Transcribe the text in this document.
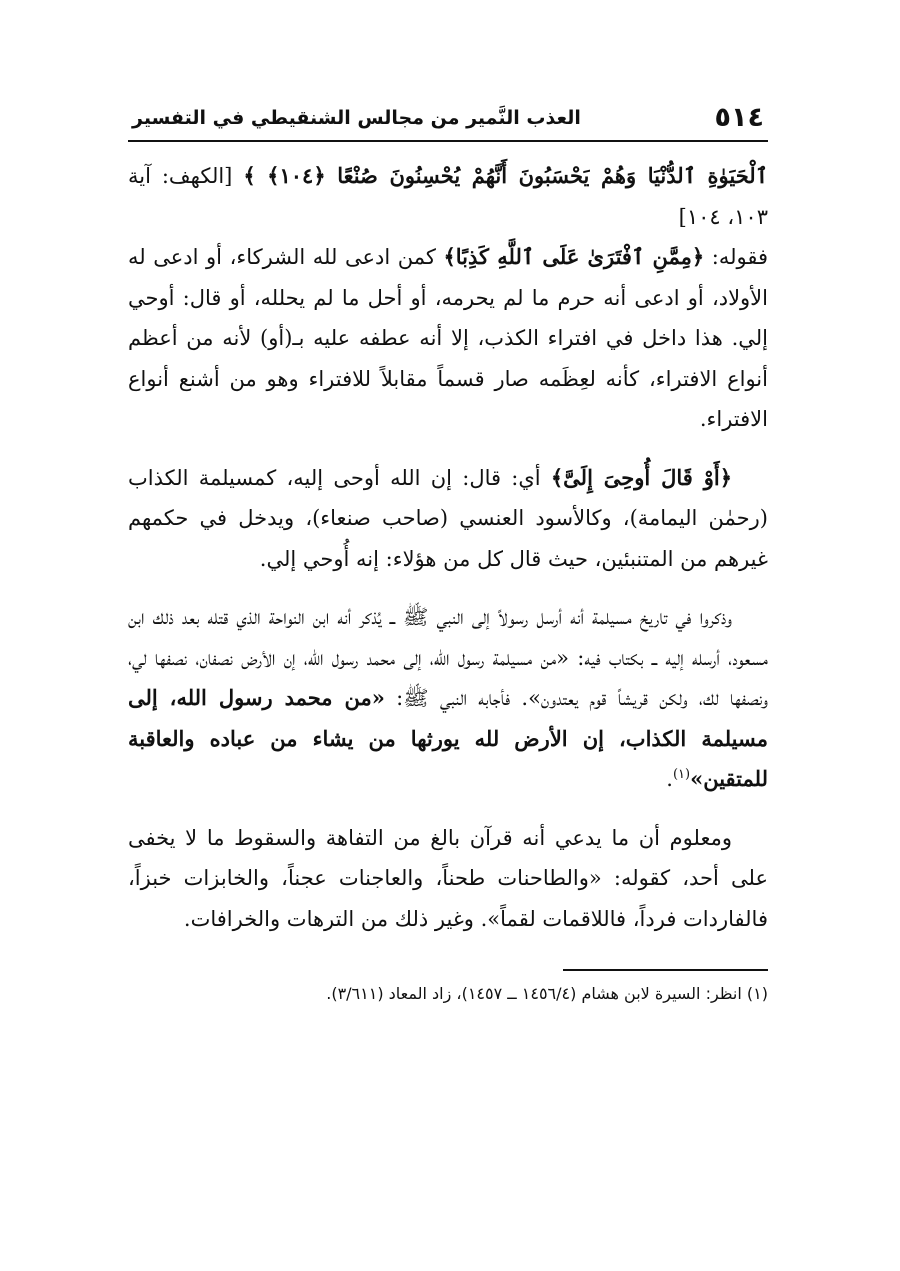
٥١٤
العذب النَّمير من مجالس الشنقيطي في التفسير

ٱلْحَيَوٰةِ ٱلدُّنْيَا وَهُمْ يَحْسَبُونَ أَنَّهُمْ يُحْسِنُونَ صُنْعًا ﴿١٠٤﴾ ﴾ [الكهف: آية ١٠٣، ١٠٤]

فقوله: ﴿مِمَّنِ ٱفْتَرَىٰ عَلَى ٱللَّهِ كَذِبًا﴾ كمن ادعى لله الشركاء، أو ادعى له الأولاد، أو ادعى أنه حرم ما لم يحرمه، أو أحل ما لم يحلله، أو قال: أوحي إلي. هذا داخل في افتراء الكذب، إلا أنه عطفه عليه بـ(أو) لأنه من أعظم أنواع الافتراء، كأنه لعِظَمه صار قسماً مقابلاً للافتراء وهو من أشنع أنواع الافتراء.

﴿أَوْ قَالَ أُوحِىَ إِلَىَّ﴾ أي: قال: إن الله أوحى إليه، كمسيلمة الكذاب (رحمٰن اليمامة)، وكالأسود العنسي (صاحب صنعاء)، ويدخل في حكمهم غيرهم من المتنبئين، حيث قال كل من هؤلاء: إنه أُوحي إلي.

وذكروا في تاريخ مسيلمة أنه أرسل رسولاً إلى النبي ﷺ ــ يُذكر أنه ابن النواحة الذي قتله بعد ذلك ابن مسعود، أرسله إليه ــ بكتاب فيه: «من مسيلمة رسول الله، إلى محمد رسول الله، إن الأرض نصفان، نصفها لي، ونصفها لك، ولكن قريشاً قوم يعتدون». فأجابه النبي ﷺ: «من محمد رسول الله، إلى مسيلمة الكذاب، إن الأرض لله يورثها من يشاء من عباده والعاقبة للمتقين»$^{(١)}$.

ومعلوم أن ما يدعي أنه قرآن بالغ من التفاهة والسقوط ما لا يخفى على أحد، كقوله: «والطاحنات طحناً، والعاجنات عجناً، والخابزات خبزاً، فالفاردات فرداً، فاللاقمات لقماً». وغير ذلك من الترهات والخرافات.

(١) انظر: السيرة لابن هشام (١٤٥٦/٤ ــ ١٤٥٧)، زاد المعاد (٣/٦١١).
